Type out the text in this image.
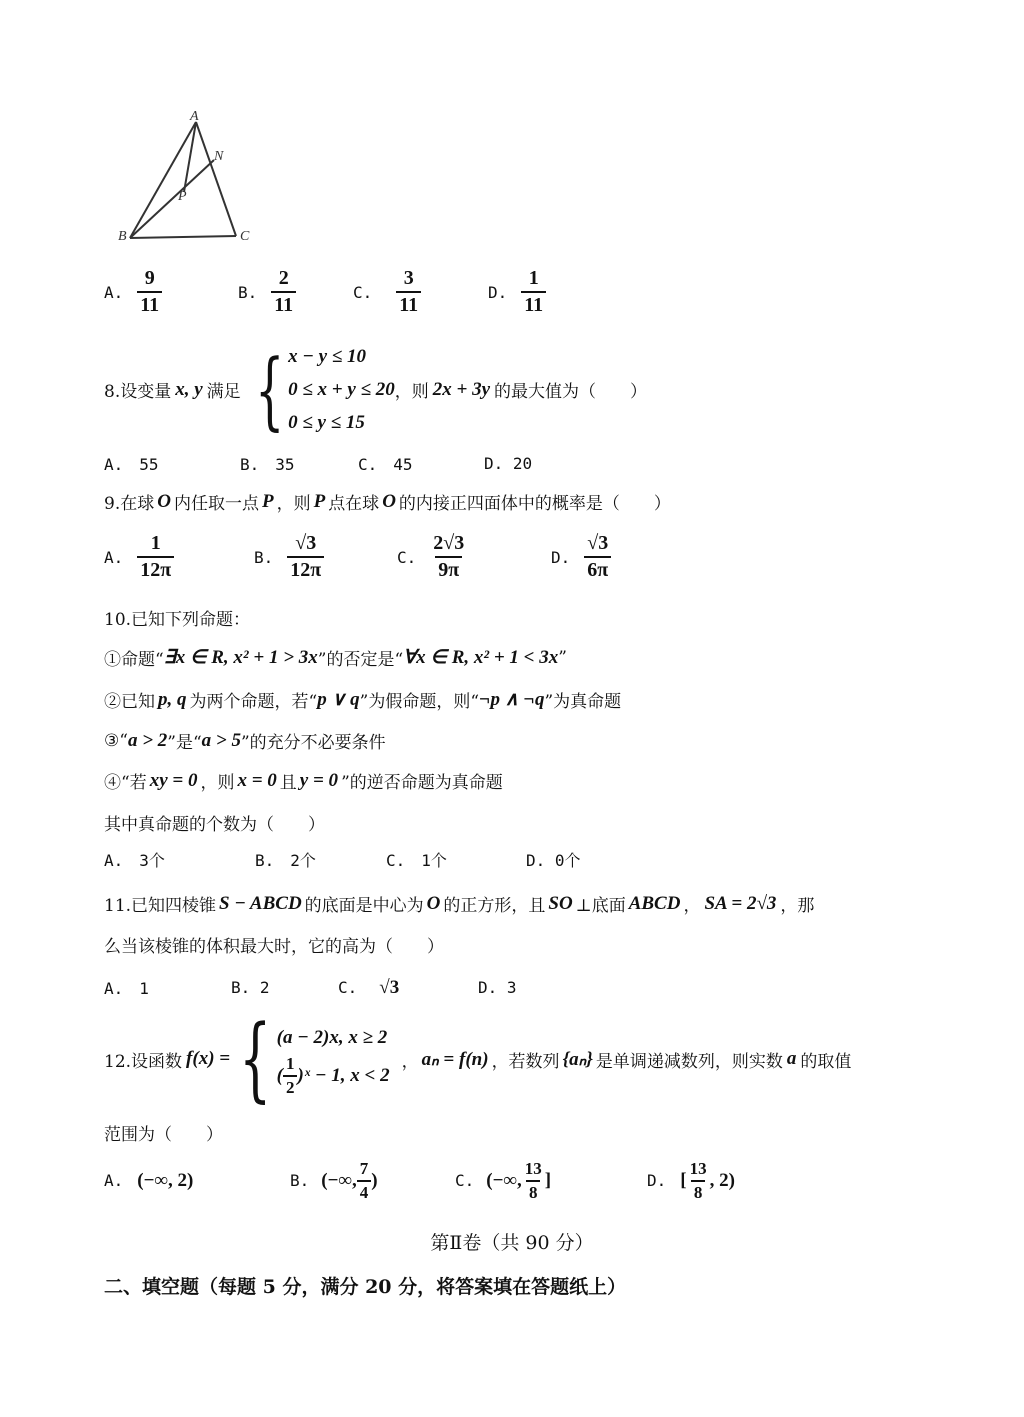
A
N
P
B	C
A. $\frac{9}{11}$	B. $\frac{2}{11}$	C. $\frac{3}{11}$	D. $\frac{1}{11}$
8.设变量 x, y 满足 { x − y ≤ 10
0 ≤ x + y ≤ 20
0 ≤ y ≤ 15
，则 2x + 3y 的最大值为（　　）
A.　55	B.　35	C.　45	D. 20
9.在球 O 内任取一点 P ，则 P 点在球 O 的内接正四面体中的概率是（　　）
A. $\frac{1}{12\pi}$	B. $\frac{√3}{12\pi}$	C. $\frac{2√3}{9\pi}$	D. $\frac{√3}{6\pi}$
10.已知下列命题：
①命题“ ∃x ∈ R, x² + 1 > 3x ”的否定是“ ∀x ∈ R, x² + 1 < 3x ”
②已知 p, q 为两个命题，若“ p ∨ q ”为假命题，则“ ¬p ∧ ¬q ”为真命题
③“ a > 2 ”是“ a > 5 ”的充分不必要条件
④“若 xy = 0 ，则 x = 0 且 y = 0 ”的逆否命题为真命题
其中真命题的个数为（　　）
A.　3个	B.　2个	C.　1个	D. 0个
11.已知四棱锥 S − ABCD 的底面是中心为 O 的正方形，且 SO ⊥底面 ABCD ， SA = 2√3 ，那
么当该棱锥的体积最大时，它的高为（　　）
A.　1	B. 2	C. √3	D. 3
12.设函数 f(x) = { (a − 2)x, x ≥ 2
( $\frac{1}{2}$ )ˣ − 1, x < 2
， aₙ = f(n) ，若数列 {aₙ} 是单调递减数列，则实数 a 的取值
范围为（　　）
A. (−∞, 2)	B. (−∞, $\frac{7}{4}$ )	C. (−∞, $\frac{13}{8}$ ]	D. [ $\frac{13}{8}$ , 2)
第Ⅱ卷（共 90 分）
二、填空题（每题 5 分，满分 20 分，将答案填在答题纸上）
